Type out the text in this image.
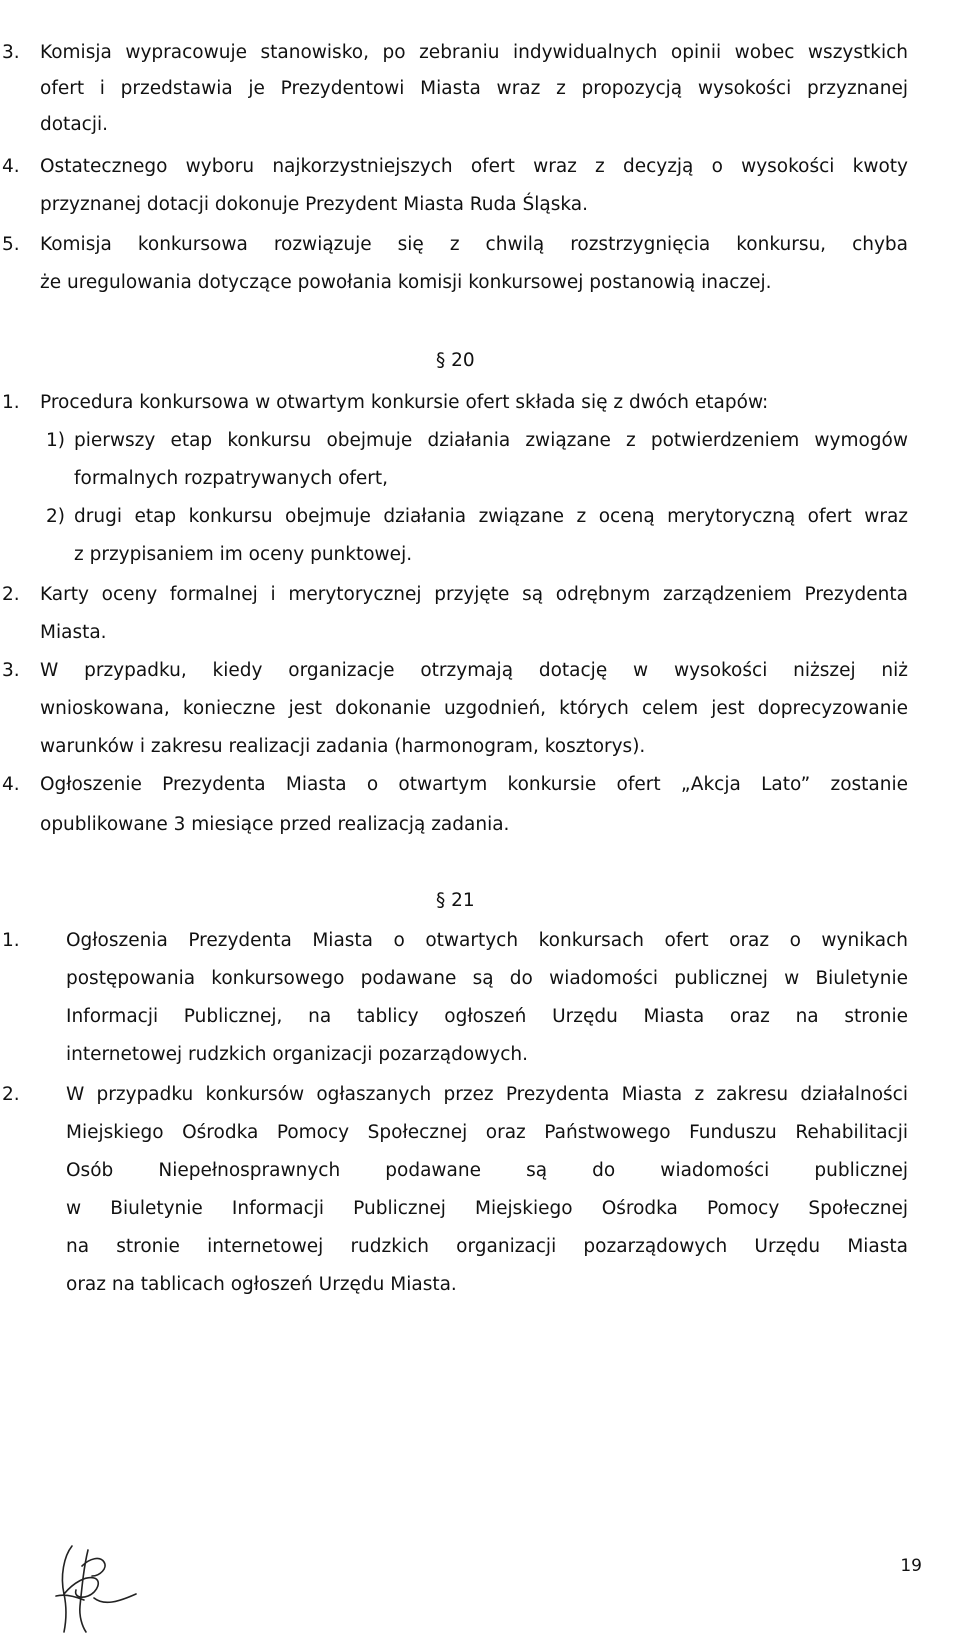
3. Komisja wypracowuje stanowisko, po zebraniu indywidualnych opinii wobec wszystkich
ofert i przedstawia je Prezydentowi Miasta wraz z propozycją wysokości przyznanej
dotacji.
4. Ostatecznego wyboru najkorzystniejszych ofert wraz z decyzją o wysokości kwoty
przyznanej dotacji dokonuje Prezydent Miasta Ruda Śląska.
5. Komisja konkursowa rozwiązuje się z chwilą rozstrzygnięcia konkursu, chyba
że uregulowania dotyczące powołania komisji konkursowej postanowią inaczej.
§ 20
1. Procedura konkursowa w otwartym konkursie ofert składa się z dwóch etapów:
1) pierwszy etap konkursu obejmuje działania związane z potwierdzeniem wymogów
formalnych rozpatrywanych ofert,
2) drugi etap konkursu obejmuje działania związane z oceną merytoryczną ofert wraz
z przypisaniem im oceny punktowej.
2. Karty oceny formalnej i merytorycznej przyjęte są odrębnym zarządzeniem Prezydenta
Miasta.
3. W przypadku, kiedy organizacje otrzymają dotację w wysokości niższej niż
wnioskowana, konieczne jest dokonanie uzgodnień, których celem jest doprecyzowanie
warunków i zakresu realizacji zadania (harmonogram, kosztorys).
4. Ogłoszenie Prezydenta Miasta o otwartym konkursie ofert „Akcja Lato” zostanie
opublikowane 3 miesiące przed realizacją zadania.
§ 21
1.	Ogłoszenia Prezydenta Miasta o otwartych konkursach ofert oraz o wynikach
postępowania konkursowego podawane są do wiadomości publicznej w Biuletynie
Informacji Publicznej, na tablicy ogłoszeń Urzędu Miasta oraz na stronie
internetowej rudzkich organizacji pozarządowych.
2.	W przypadku konkursów ogłaszanych przez Prezydenta Miasta z zakresu działalności
Miejskiego Ośrodka Pomocy Społecznej oraz Państwowego Funduszu Rehabilitacji
Osób Niepełnosprawnych podawane są do wiadomości publicznej
w Biuletynie Informacji Publicznej Miejskiego Ośrodka Pomocy Społecznej
na stronie internetowej rudzkich organizacji pozarządowych Urzędu Miasta
oraz na tablicach ogłoszeń Urzędu Miasta.
19
